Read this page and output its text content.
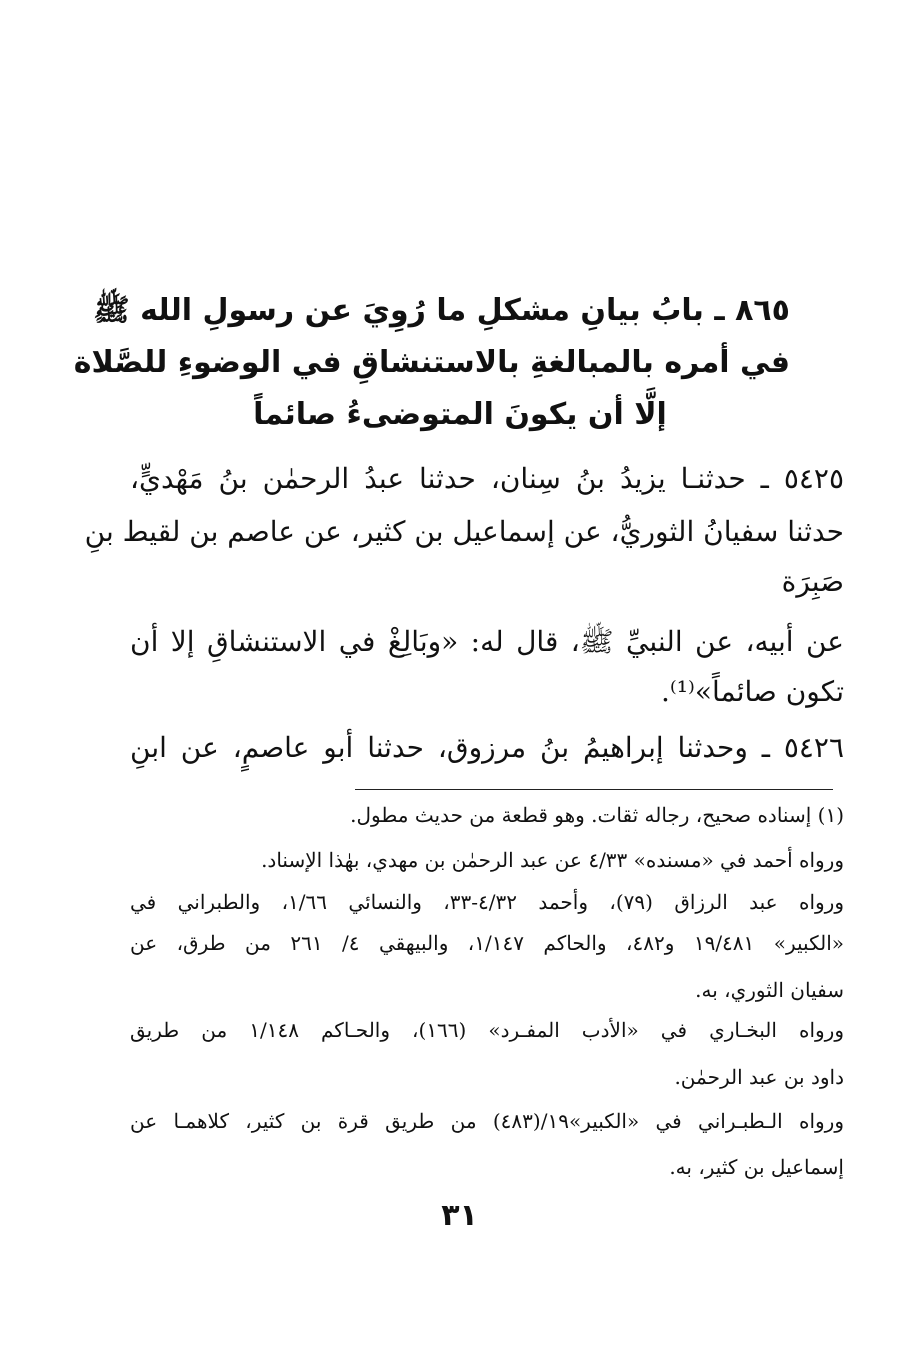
٨٦٥ ـ بابُ بيانِ مشكلِ ما رُوِيَ عن رسولِ الله ﷺ
في أمره بالمبالغةِ بالاستنشاقِ في الوضوءِ للصَّلاة
إلَّا أن يكونَ المتوضىءُ صائماً
٥٤٢٥ ـ حدثنـا يزيدُ بنُ سِنان، حدثنا عبدُ الرحمٰن بنُ مَهْديٍّ،
حدثنا سفيانُ الثوريُّ، عن إسماعيل بن كثير، عن عاصم بن لقيط بنِ
صَبِرَة
عن أبيه، عن النبيِّ ﷺ، قال له: «وبَالِغْ في الاستنشاقِ إلا أن
تكون صائماً»⁽¹⁾.
٥٤٢٦ ـ وحدثنا إبراهيمُ بنُ مرزوق، حدثنا أبو عاصمٍ، عن ابنِ
(١) إسناده صحيح، رجاله ثقات. وهو قطعة من حديث مطول.
ورواه أحمد في «مسنده» ٤/٣٣ عن عبد الرحمٰن بن مهدي، بهٰذا الإسناد.
ورواه عبد الرزاق (٧٩)، وأحمد ٤/٣٢-٣٣، والنسائي ١/٦٦، والطبراني في
«الكبير» ١٩/٤٨١ و٤٨٢، والحاكم ١/١٤٧، والبيهقي ٤/ ٢٦١ من طرق، عن
سفيان الثوري، به.
ورواه البخـاري في «الأدب المفـرد» (١٦٦)، والحـاكم ١/١٤٨ من طريق
داود بن عبد الرحمٰن.
ورواه الـطبـراني في «الكبير»١٩/(٤٨٣) من طريق قرة بن كثير، كلاهمـا عن
إسماعيل بن كثير، به.
٣١
